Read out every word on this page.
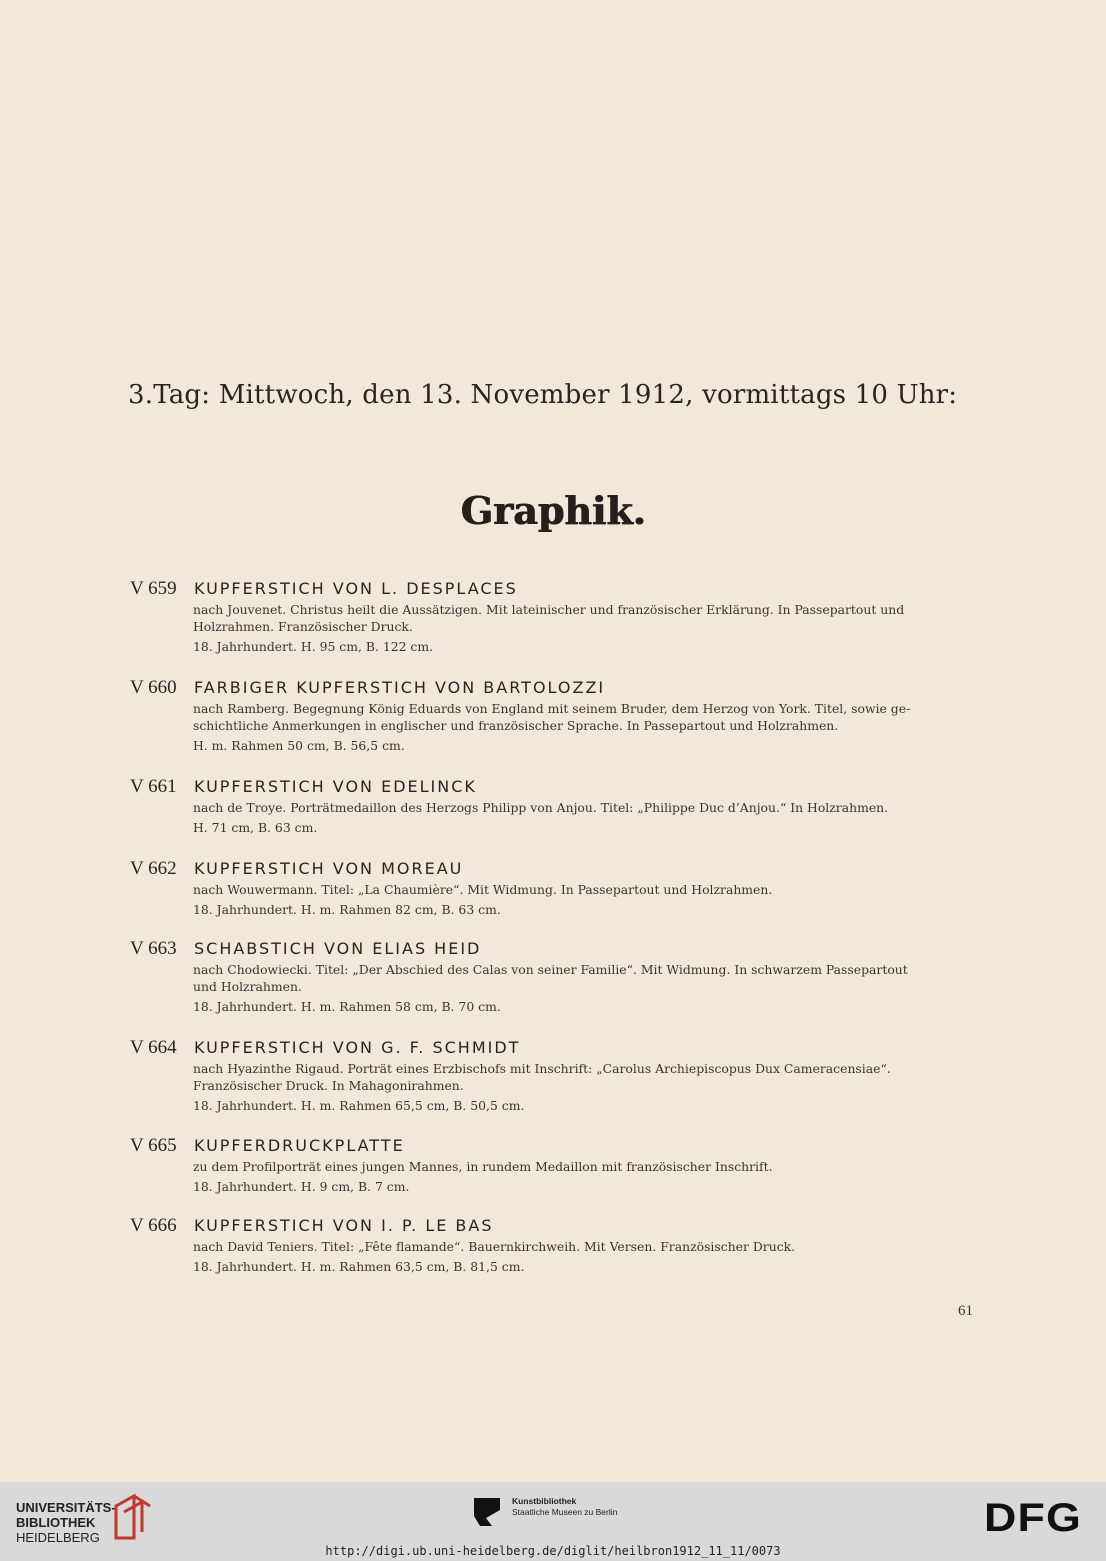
3.Tag: Mittwoch, den 13. November 1912, vormittags 10 Uhr:
Graphik.
V 659	KUPFERSTICH VON L. DESPLACES

nach Jouvenet. Christus heilt die Aussätzigen. Mit lateinischer und französischer Erklärung. In Passepartout und

Holzrahmen. Französischer Druck.

18. Jahrhundert. H. 95 cm, B. 122 cm.

V 660	FARBIGER KUPFERSTICH VON BARTOLOZZI

nach Ramberg. Begegnung König Eduards von England mit seinem Bruder, dem Herzog von York. Titel, sowie ge-

schichtliche Anmerkungen in englischer und französischer Sprache. In Passepartout und Holzrahmen.

H. m. Rahmen 50 cm, B. 56,5 cm.

V 661	KUPFERSTICH VON EDELINCK

nach de Troye. Porträtmedaillon des Herzogs Philipp von Anjou. Titel: „Philippe Duc d’Anjou.“ In Holzrahmen.

H. 71 cm, B. 63 cm.

V 662	KUPFERSTICH VON MOREAU

nach Wouwermann. Titel: „La Chaumière“. Mit Widmung. In Passepartout und Holzrahmen.

18. Jahrhundert. H. m. Rahmen 82 cm, B. 63 cm.

V 663	SCHABSTICH VON ELIAS HEID

nach Chodowiecki. Titel: „Der Abschied des Calas von seiner Familie“. Mit Widmung. In schwarzem Passepartout

und Holzrahmen.

18. Jahrhundert. H. m. Rahmen 58 cm, B. 70 cm.

V 664	KUPFERSTICH VON G. F. SCHMIDT

nach Hyazinthe Rigaud. Porträt eines Erzbischofs mit Inschrift: „Carolus Archiepiscopus Dux Cameracensiae“.

Französischer Druck. In Mahagonirahmen.

18. Jahrhundert. H. m. Rahmen 65,5 cm, B. 50,5 cm.

V 665	KUPFERDRUCKPLATTE

zu dem Profilporträt eines jungen Mannes, in rundem Medaillon mit französischer Inschrift.

18. Jahrhundert. H. 9 cm, B. 7 cm.

V 666	KUPFERSTICH VON I. P. LE BAS

nach David Teniers. Titel: „Fête flamande“. Bauernkirchweih. Mit Versen. Französischer Druck.

18. Jahrhundert. H. m. Rahmen 63,5 cm, B. 81,5 cm.

61
UNIVERSITÄTS-
BIBLIOTHEK
HEIDELBERG
Kunstbibliothek
Staatliche Museen zu Berlin	DFG
http://digi.ub.uni-heidelberg.de/diglit/heilbron1912_11_11/0073
